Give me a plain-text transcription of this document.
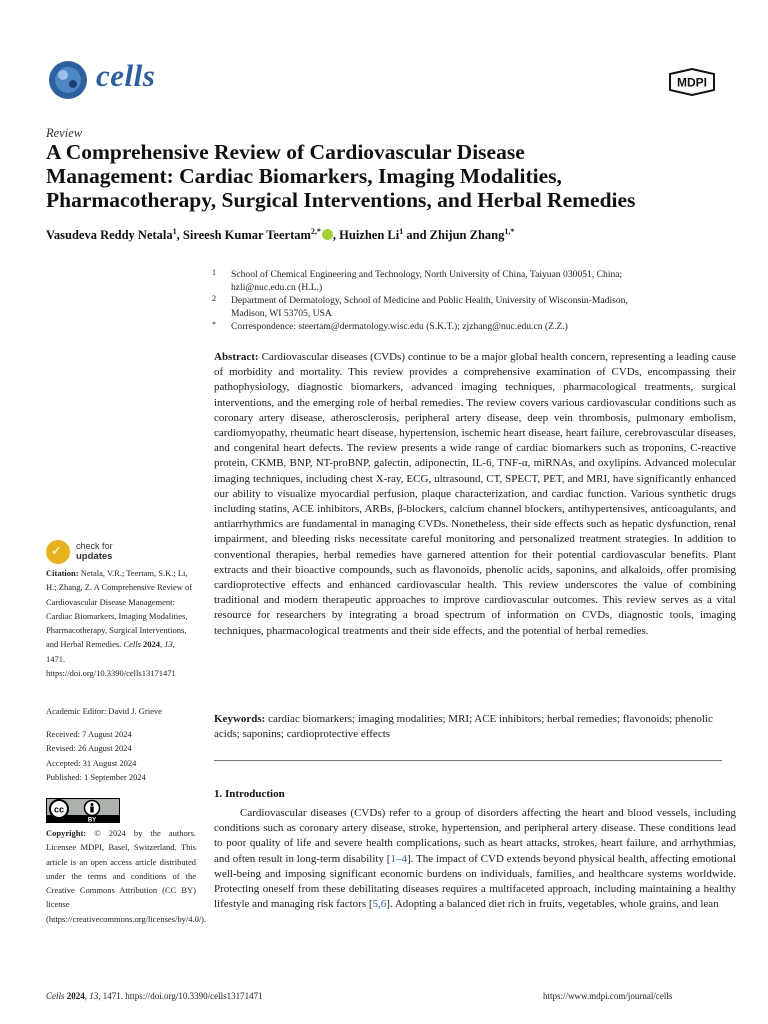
cells	MDPI
Review
A Comprehensive Review of Cardiovascular Disease
Management: Cardiac Biomarkers, Imaging Modalities,
Pharmacotherapy, Surgical Interventions, and Herbal Remedies
Vasudeva Reddy Netala$^1$, Sireesh Kumar Teertam$^{2,*}$ , Huizhen Li$^1$ and Zhijun Zhang$^{1,*}$
1	School of Chemical Engineering and Technology, North University of China, Taiyuan 030051, China;
hzli@nuc.edu.cn (H.L.)
2	Department of Dermatology, School of Medicine and Public Health, University of Wisconsin-Madison,
Madison, WI 53705, USA
*	Correspondence: steertam@dermatology.wisc.edu (S.K.T.); zjzhang@nuc.edu.cn (Z.Z.)
Abstract: Cardiovascular diseases (CVDs) continue to be a major global health concern, representing a leading cause of morbidity and mortality. This review provides a comprehensive examination of CVDs, encompassing their pathophysiology, diagnostic biomarkers, advanced imaging techniques, pharmacological treatments, surgical interventions, and the emerging role of herbal remedies. The review covers various cardiovascular conditions such as coronary artery disease, atherosclerosis, peripheral artery disease, deep vein thrombosis, pulmonary embolism, cardiomyopathy, rheumatic heart disease, hypertension, ischemic heart disease, heart failure, cerebrovascular diseases, and congenital heart defects. The review presents a wide range of cardiac biomarkers such as troponins, C-reactive protein, CKMB, BNP, NT-proBNP, galectin, adiponectin, IL-6, TNF-α, miRNAs, and oxylipins. Advanced molecular imaging techniques, including chest X-ray, ECG, ultrasound, CT, SPECT, PET, and MRI, have significantly enhanced our ability to visualize myocardial perfusion, plaque characterization, and cardiac function. Various synthetic drugs including statins, ACE inhibitors, ARBs, β-blockers, calcium channel blockers, antihypertensives, anticoagulants, and antiarrhythmics are fundamental in managing CVDs. Nonetheless, their side effects such as hepatic dysfunction, renal impairment, and bleeding risks necessitate careful monitoring and personalized treatment strategies. In addition to conventional therapies, herbal remedies have garnered attention for their potential cardiovascular benefits. Plant extracts and their bioactive compounds, such as flavonoids, phenolic acids, saponins, and alkaloids, offer promising cardioprotective effects and enhanced cardiovascular health. This review underscores the value of combining traditional and modern therapeutic approaches to improve cardiovascular outcomes. This review serves as a vital resource for researchers by integrating a broad spectrum of information on CVDs, diagnostic tools, imaging techniques, pharmacological treatments and their side effects, and the potential of herbal remedies.
Keywords: cardiac biomarkers; imaging modalities; MRI; ACE inhibitors; herbal remedies; flavonoids; phenolic acids; saponins; cardioprotective effects
1. Introduction
Cardiovascular diseases (CVDs) refer to a group of disorders affecting the heart and blood vessels, including conditions such as coronary artery disease, stroke, hypertension, and peripheral artery disease. These conditions lead to poor quality of life and severe health complications, such as heart attacks, strokes, heart failure, and arrhythmias, and often result in long-term disability [1–4]. The impact of CVD extends beyond physical health, affecting emotional well-being and imposing significant economic burdens on individuals, families, and healthcare systems worldwide. Protecting oneself from these debilitating diseases requires a multifaceted approach, including maintaining a healthy lifestyle and managing risk factors [5,6]. Adopting a balanced diet rich in fruits, vegetables, whole grains, and lean
✓ check for
updates
Citation: Netala, V.R.; Teertam, S.K.; Li, H.; Zhang, Z. A Comprehensive Review of Cardiovascular Disease Management: Cardiac Biomarkers, Imaging Modalities, Pharmacotherapy, Surgical Interventions, and Herbal Remedies. Cells 2024, 13, 1471. https://doi.org/10.3390/cells13171471
Academic Editor: David J. Grieve
Received: 7 August 2024
Revised: 26 August 2024
Accepted: 31 August 2024
Published: 1 September 2024
cc
BY
Copyright: © 2024 by the authors. Licensee MDPI, Basel, Switzerland. This article is an open access article distributed under the terms and conditions of the Creative Commons Attribution (CC BY) license (https://creativecommons.org/licenses/by/4.0/).
Cells 2024, 13, 1471. https://doi.org/10.3390/cells13171471	https://www.mdpi.com/journal/cells
